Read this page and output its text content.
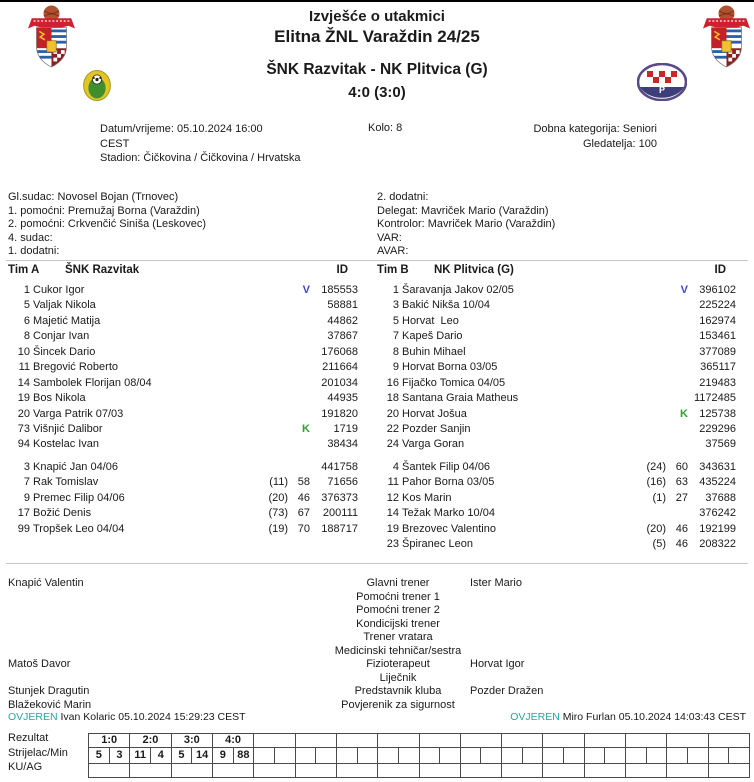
P
Izvješće o utakmici
Elitna ŽNL Varaždin 24/25
ŠNK Razvitak - NK Plitvica (G)
4:0 (3:0)
Datum/vrijeme: 05.10.2024 16:00
CEST
Stadion: Čičkovina / Čičkovina / Hrvatska
Kolo: 8	Dobna kategorija: Seniori
Gledatelja: 100
Gl.sudac: Novosel Bojan (Trnovec)
1. pomoćni: Premužaj Borna (Varaždin)
2. pomoćni: Crkvenčić Siniša (Leskovec)
4. sudac:
1. dodatni:
2. dodatni:
Delegat: Mavriček Mario (Varaždin)
Kontrolor: Mavriček Mario (Varaždin)
VAR:
AVAR:
Tim A	ŠNK Razvitak	ID
1 Cukor Igor	V	185553
5 Valjak Nikola	58881
6 Majetić Matija	44862
8 Conjar Ivan	37867
10 Šincek Dario	176068
11 Bregović Roberto	211664
14 Sambolek Florijan 08/04	201034
19 Bos Nikola	44935
20 Varga Patrik 07/03	191820
73 Višnjić Dalibor	K	1719
94 Kostelac Ivan	38434
3 Knapić Jan 04/06	441758
7 Rak Tomislav	(11) 58	71656
9 Premec Filip 04/06	(20) 46	376373
17 Božić Denis	(73) 67	200111
99 Tropšek Leo 04/04	(19) 70	188717
Tim B	NK Plitvica (G)	ID
1 Šaravanja Jakov 02/05	V	396102
3 Bakić Nikša 10/04	225224
5 Horvat  Leo	162974
7 Kapeš Dario	153461
8 Buhin Mihael	377089
9 Horvat Borna 03/05	365117
16 Fijačko Tomica 04/05	219483
18 Santana Graia Matheus	1172485
20 Horvat Jošua	K	125738
22 Pozder Sanjin	229296
24 Varga Goran	37569
4 Šantek Filip 04/06	(24) 60	343631
11 Pahor Borna 03/05	(16) 63	435224
12 Kos Marin	(1) 27	37688
14 Težak Marko 10/04	376242
19 Brezovec Valentino	(20) 46	192199
23 Špiranec Leon	(5) 46	208322
Knapić Valentin	Glavni trener	Ister Mario
Pomoćni trener 1
Pomoćni trener 2
Kondicijski trener
Trener vratara
Medicinski tehničar/sestra
Matoš Davor	Fizioterapeut	Horvat Igor
Liječnik
Stunjek Dragutin	Predstavnik kluba	Pozder Dražen
Blažeković Marin	Povjerenik za sigurnost
OVJEREN Ivan Kolaric 05.10.2024 15:29:23 CEST	OVJEREN Miro Furlan 05.10.2024 14:03:43 CEST
Rezultat
Strijelac/Min
KU/AG
1:0		2:0		3:0		4:0																									
5	3	11	4	5	14	9	88																								
